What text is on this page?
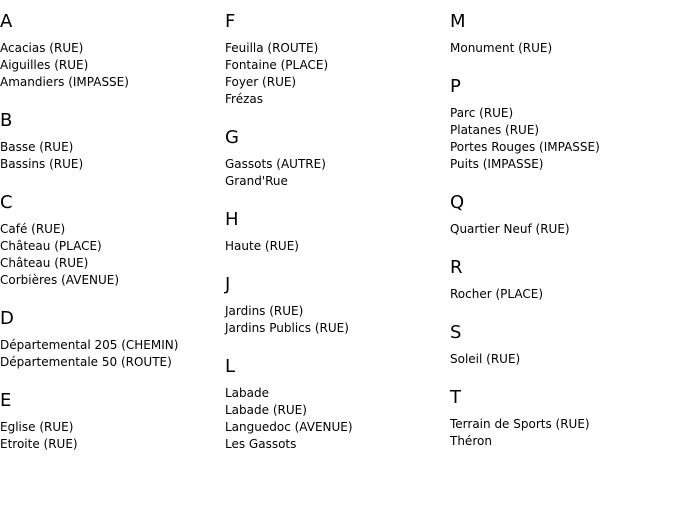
A
Acacias (RUE)
Aiguilles (RUE)
Amandiers (IMPASSE)
B
Basse (RUE)
Bassins (RUE)
C
Café (RUE)
Château (PLACE)
Château (RUE)
Corbières (AVENUE)
D
Départemental 205 (CHEMIN)
Départementale 50 (ROUTE)
E
Eglise (RUE)
Etroite (RUE)
F
Feuilla (ROUTE)
Fontaine (PLACE)
Foyer (RUE)
Frézas
G
Gassots (AUTRE)
Grand'Rue
H
Haute (RUE)
J
Jardins (RUE)
Jardins Publics (RUE)
L
Labade
Labade (RUE)
Languedoc (AVENUE)
Les Gassots
M
Monument (RUE)
P
Parc (RUE)
Platanes (RUE)
Portes Rouges (IMPASSE)
Puits (IMPASSE)
Q
Quartier Neuf (RUE)
R
Rocher (PLACE)
S
Soleil (RUE)
T
Terrain de Sports (RUE)
Théron
